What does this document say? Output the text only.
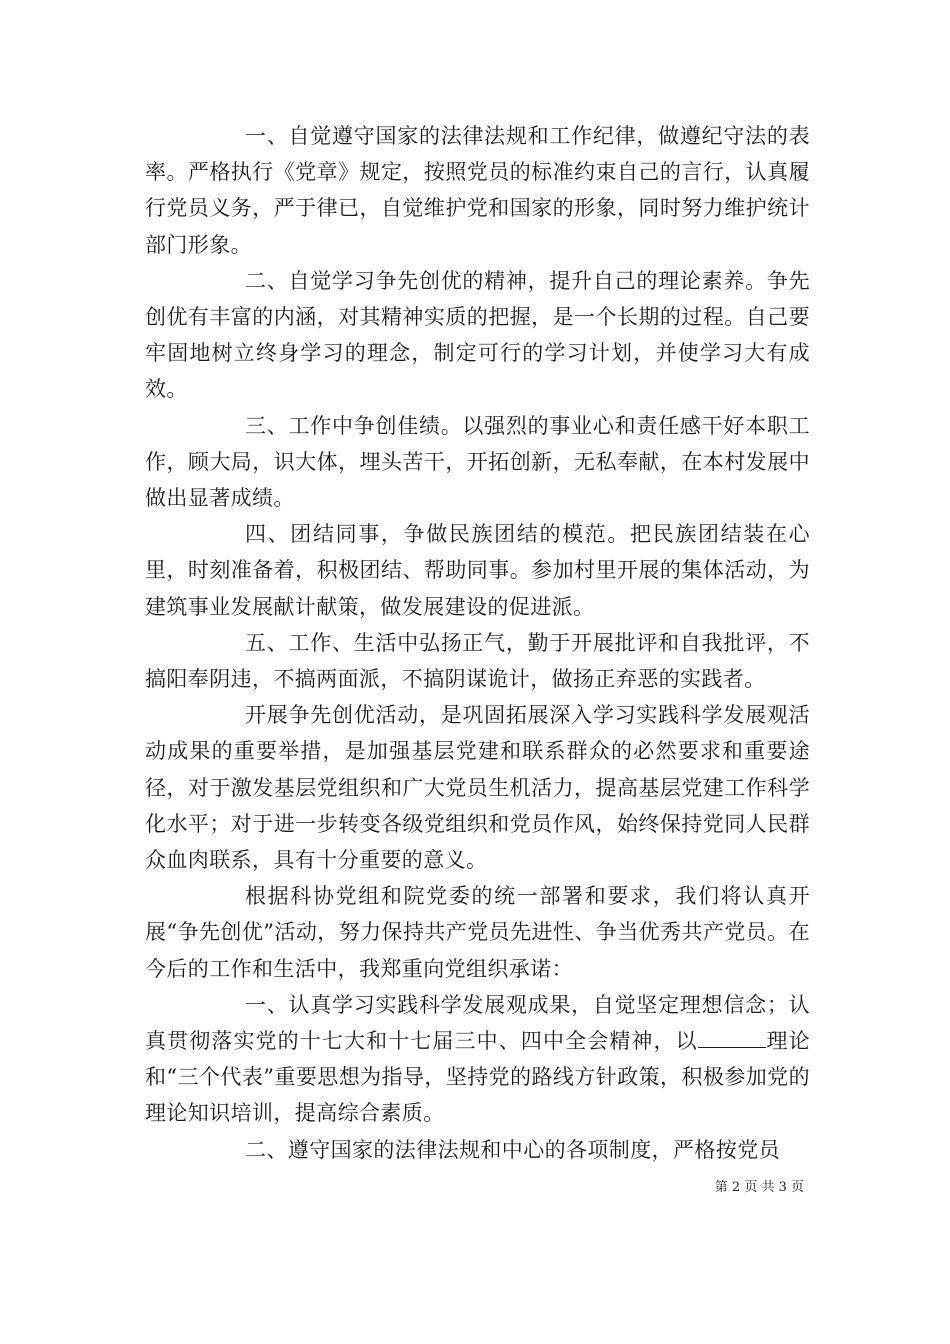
一、自觉遵守国家的法律法规和工作纪律，做遵纪守法的表率。严格执行《党章》规定，按照党员的标准约束自己的言行，认真履行党员义务，严于律已，自觉维护党和国家的形象，同时努力维护统计部门形象。

二、自觉学习争先创优的精神，提升自己的理论素养。争先创优有丰富的内涵，对其精神实质的把握，是一个长期的过程。自己要牢固地树立终身学习的理念，制定可行的学习计划，并使学习大有成效。

三、工作中争创佳绩。以强烈的事业心和责任感干好本职工作，顾大局，识大体，埋头苦干，开拓创新，无私奉献，在本村发展中做出显著成绩。

四、团结同事，争做民族团结的模范。把民族团结装在心里，时刻准备着，积极团结、帮助同事。参加村里开展的集体活动，为建筑事业发展献计献策，做发展建设的促进派。

五、工作、生活中弘扬正气，勤于开展批评和自我批评，不搞阳奉阴违，不搞两面派，不搞阴谋诡计，做扬正弃恶的实践者。

开展争先创优活动，是巩固拓展深入学习实践科学发展观活动成果的重要举措，是加强基层党建和联系群众的必然要求和重要途径，对于激发基层党组织和广大党员生机活力，提高基层党建工作科学化水平；对于进一步转变各级党组织和党员作风，始终保持党同人民群众血肉联系，具有十分重要的意义。

根据科协党组和院党委的统一部署和要求，我们将认真开展“争先创优”活动，努力保持共产党员先进性、争当优秀共产党员。在今后的工作和生活中，我郑重向党组织承诺：

一、认真学习实践科学发展观成果，自觉坚定理想信念；认真贯彻落实党的十七大和十七届三中、四中全会精神，以	理论和“三个代表”重要思想为指导，坚持党的路线方针政策，积极参加党的理论知识培训，提高综合素质。

二、遵守国家的法律法规和中心的各项制度，严格按党员

第 2 页 共 3 页
